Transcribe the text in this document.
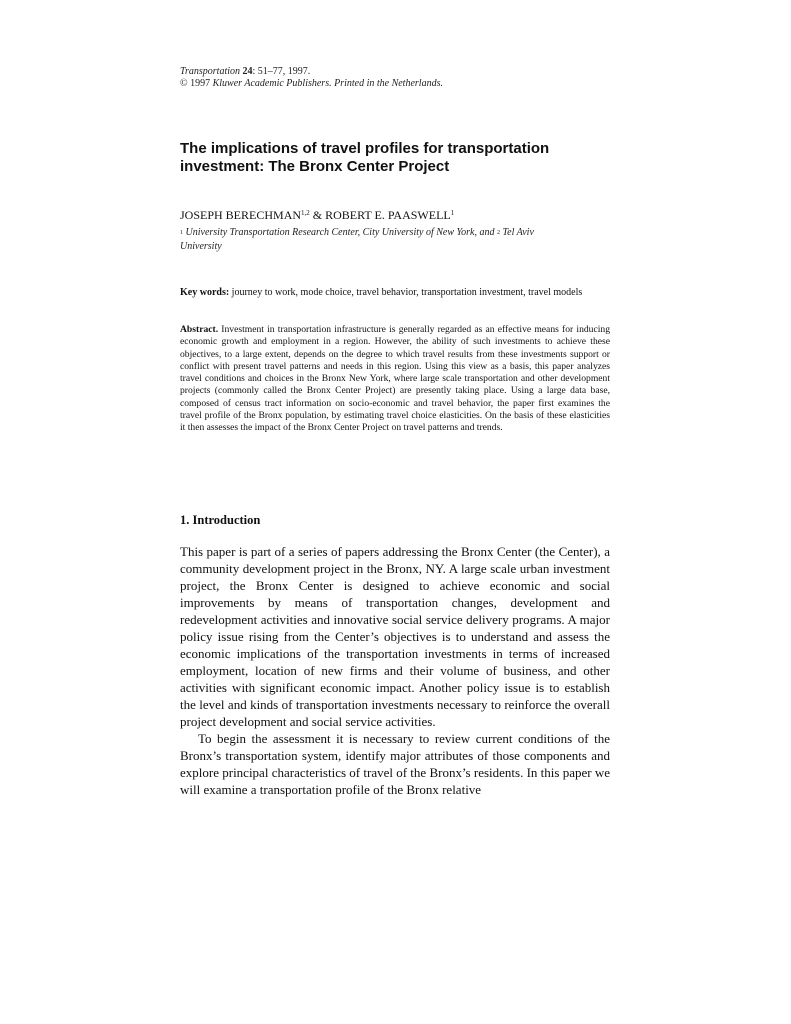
Transportation 24: 51–77, 1997.
© 1997 Kluwer Academic Publishers. Printed in the Netherlands.
The implications of travel profiles for transportation
investment: The Bronx Center Project
JOSEPH BERECHMAN$^{1,2}$ & ROBERT E. PAASWELL$^1$
$^1$ University Transportation Research Center, City University of New York, and $^2$ Tel Aviv
University
Key words: journey to work, mode choice, travel behavior, transportation investment, travel models

Abstract. Investment in transportation infrastructure is generally regarded as an effective means for inducing economic growth and employment in a region. However, the ability of such investments to achieve these objectives, to a large extent, depends on the degree to which travel results from these investments support or conflict with present travel patterns and needs in this region. Using this view as a basis, this paper analyzes travel conditions and choices in the Bronx New York, where large scale transportation and other development projects (commonly called the Bronx Center Project) are presently taking place. Using a large data base, composed of census tract information on socio-economic and travel behavior, the paper first examines the travel profile of the Bronx population, by estimating travel choice elasticities. On the basis of these elasticities it then assesses the impact of the Bronx Center Project on travel patterns and trends.

1. Introduction

This paper is part of a series of papers addressing the Bronx Center (the Center), a community development project in the Bronx, NY. A large scale urban investment project, the Bronx Center is designed to achieve economic and social improvements by means of transportation changes, development and redevelopment activities and innovative social service delivery programs. A major policy issue rising from the Center’s objectives is to understand and assess the economic implications of the transportation investments in terms of increased employment, location of new firms and their volume of business, and other activities with significant economic impact. Another policy issue is to establish the level and kinds of transportation investments necessary to reinforce the overall project development and social service activities.

To begin the assessment it is necessary to review current conditions of the Bronx’s transportation system, identify major attributes of those components and explore principal characteristics of travel of the Bronx’s residents. In this paper we will examine a transportation profile of the Bronx relative
